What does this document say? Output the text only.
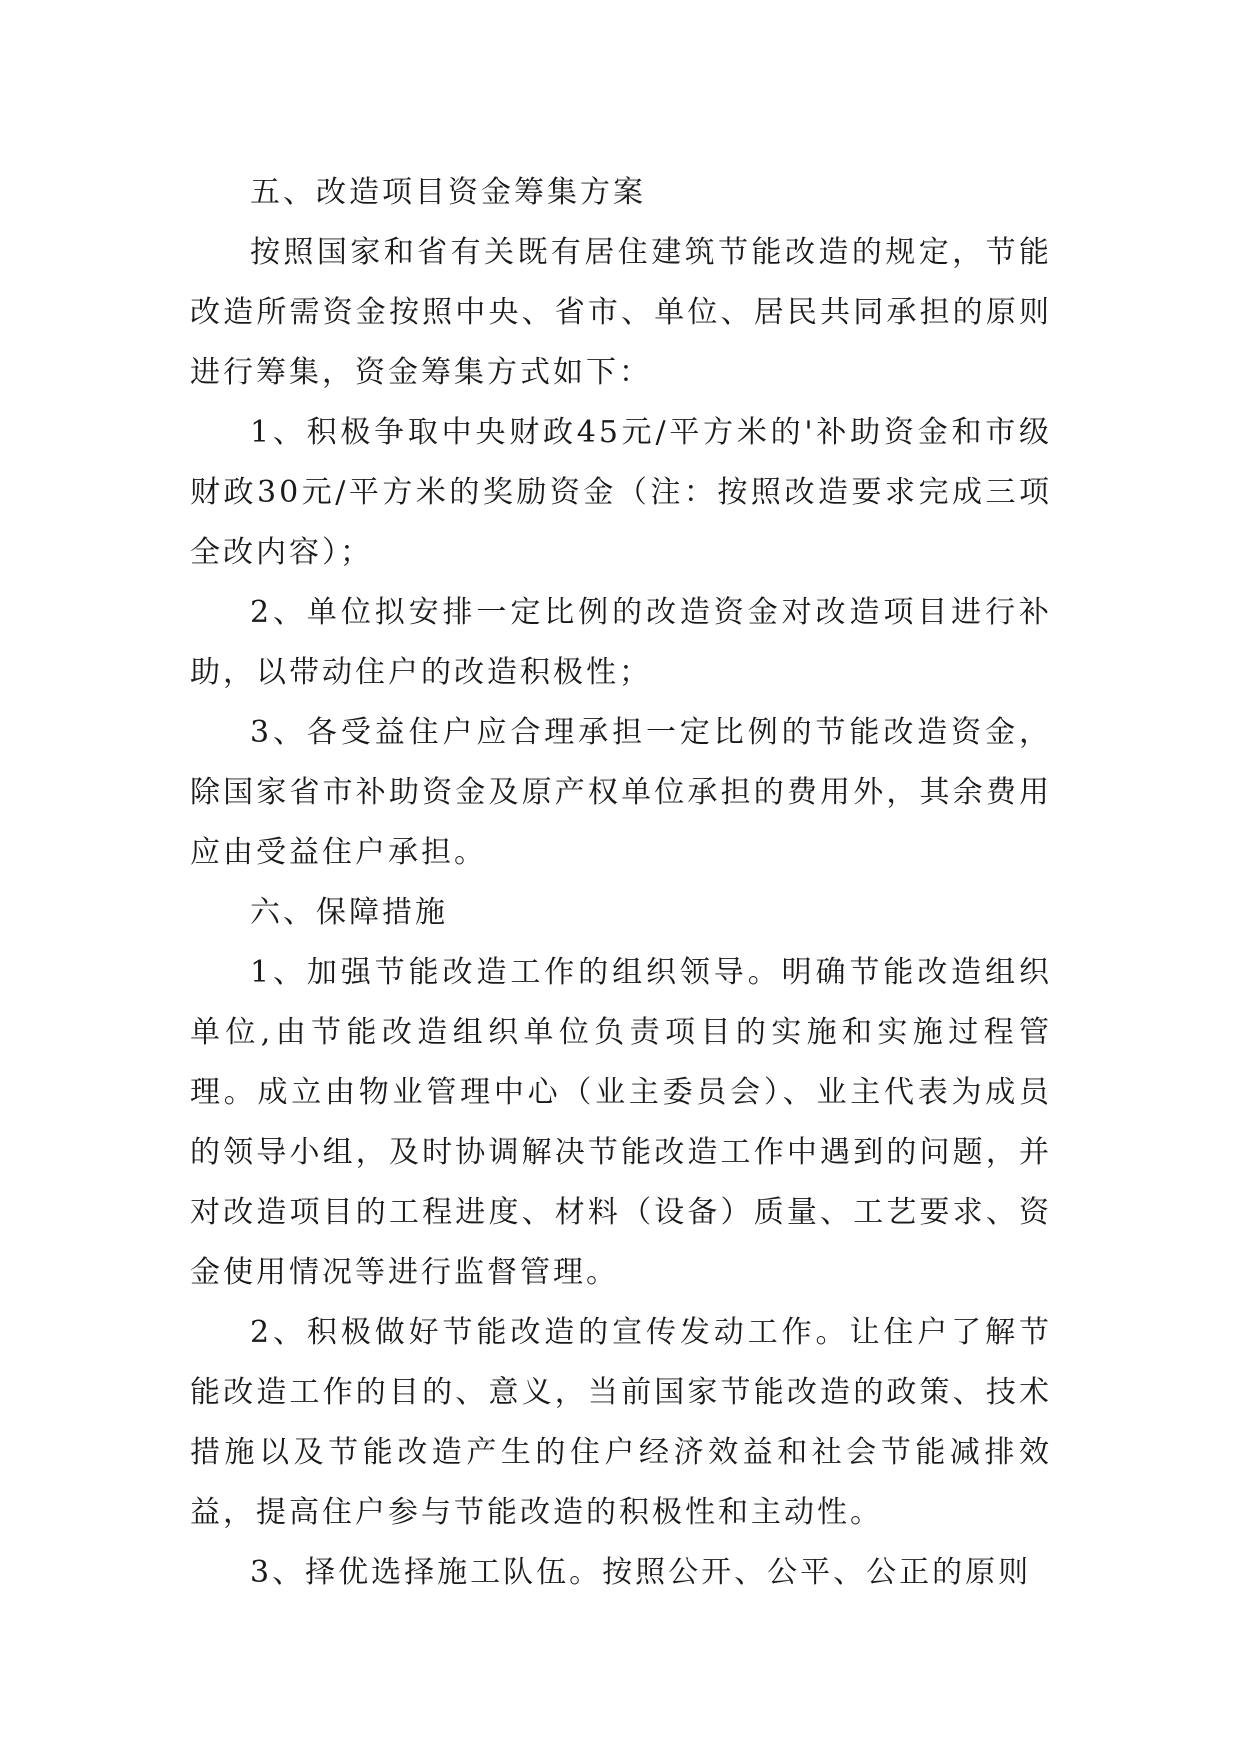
五、改造项目资金筹集方案

按照国家和省有关既有居住建筑节能改造的规定，节能改造所需资金按照中央、省市、单位、居民共同承担的原则进行筹集，资金筹集方式如下：

1、积极争取中央财政45元/平方米的'补助资金和市级财政30元/平方米的奖励资金（注：按照改造要求完成三项全改内容）；

2、单位拟安排一定比例的改造资金对改造项目进行补助，以带动住户的改造积极性；

3、各受益住户应合理承担一定比例的节能改造资金，除国家省市补助资金及原产权单位承担的费用外，其余费用应由受益住户承担。

六、保障措施

1、加强节能改造工作的组织领导。明确节能改造组织单位,由节能改造组织单位负责项目的实施和实施过程管理。成立由物业管理中心（业主委员会）、业主代表为成员的领导小组，及时协调解决节能改造工作中遇到的问题，并对改造项目的工程进度、材料（设备）质量、工艺要求、资金使用情况等进行监督管理。

2、积极做好节能改造的宣传发动工作。让住户了解节能改造工作的目的、意义，当前国家节能改造的政策、技术措施以及节能改造产生的住户经济效益和社会节能减排效益，提高住户参与节能改造的积极性和主动性。

3、择优选择施工队伍。按照公开、公平、公正的原则
